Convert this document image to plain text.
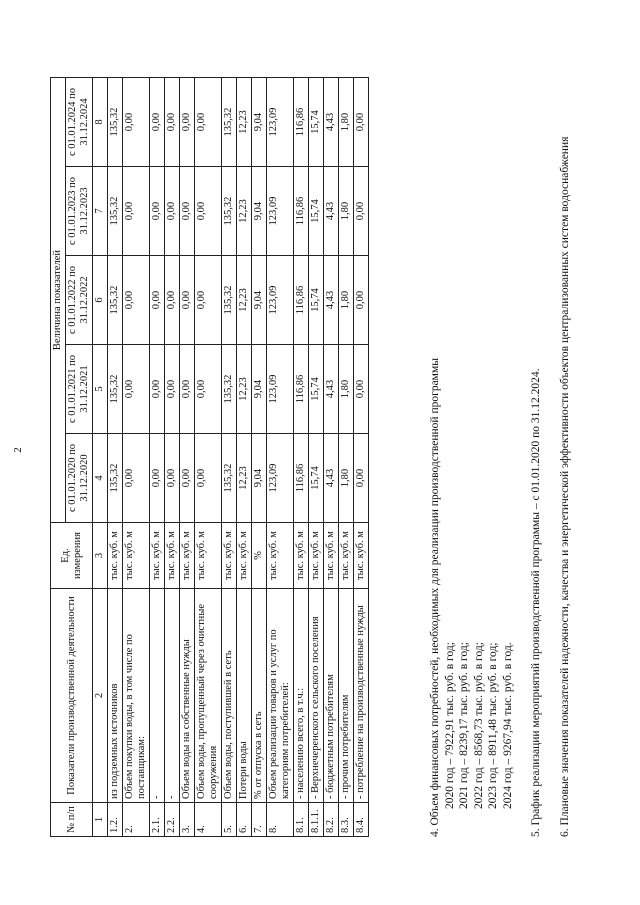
2
№ п/п	Показатели производственной деятельности	Ед. измерения	Величина показателей				
			с 01.01.2020 по 31.12.2020	с 01.01.2021 по 31.12.2021	с 01.01.2022 по 31.12.2022	с 01.01.2023 по 31.12.2023	с 01.01.2024 по 31.12.2024
1	2	3	4	5	6	7	8
1.2.	из подземных источников	тыс. куб. м	135,32	135,32	135,32	135,32	135,32
2.	Объем покупки воды, в том числе по поставщикам:	тыс. куб. м	0,00	0,00	0,00	0,00	0,00
2.1.	-	тыс. куб. м	0,00	0,00	0,00	0,00	0,00
2.2.	-	тыс. куб. м	0,00	0,00	0,00	0,00	0,00
3.	Объем воды на собственные нужды	тыс. куб. м	0,00	0,00	0,00	0,00	0,00
4.	Объем воды, пропущенный через очистные сооружения	тыс. куб. м	0,00	0,00	0,00	0,00	0,00
5.	Объем воды, поступившей в сеть	тыс. куб. м	135,32	135,32	135,32	135,32	135,32
6.	Потери воды	тыс. куб. м	12,23	12,23	12,23	12,23	12,23
7.	% от отпуска в сеть	%	9,04	9,04	9,04	9,04	9,04
8.	Объем реализации товаров и услуг по категориям потребителей:	тыс. куб. м	123,09	123,09	123,09	123,09	123,09
8.1.	- населению всего, в т.ч.:	тыс. куб. м	116,86	116,86	116,86	116,86	116,86
8.1.1.	- Верхнечеренского сельского поселения	тыс. куб. м	15,74	15,74	15,74	15,74	15,74
8.2.	- бюджетным потребителям	тыс. куб. м	4,43	4,43	4,43	4,43	4,43
8.3.	- прочим потребителям	тыс. куб. м	1,80	1,80	1,80	1,80	1,80
8.4.	- потребление на производственные нужды	тыс. куб. м	0,00	0,00	0,00	0,00	0,00

4. Объем финансовых потребностей, необходимых для реализации производственной программы 2020 год – 7922,91 тыс. руб. в год; 2021 год – 8239,17 тыс. руб. в год; 2022 год – 8568,73 тыс. руб. в год; 2023 год – 8911,48 тыс. руб. в год; 2024 год – 9267,94 тыс. руб. в год. 5. График реализации мероприятий производственной программы – с 01.01.2020 по 31.12.2024. 6. Плановые значения показателей надежности, качества и энергетической эффективности объектов централизованных систем водоснабжения
